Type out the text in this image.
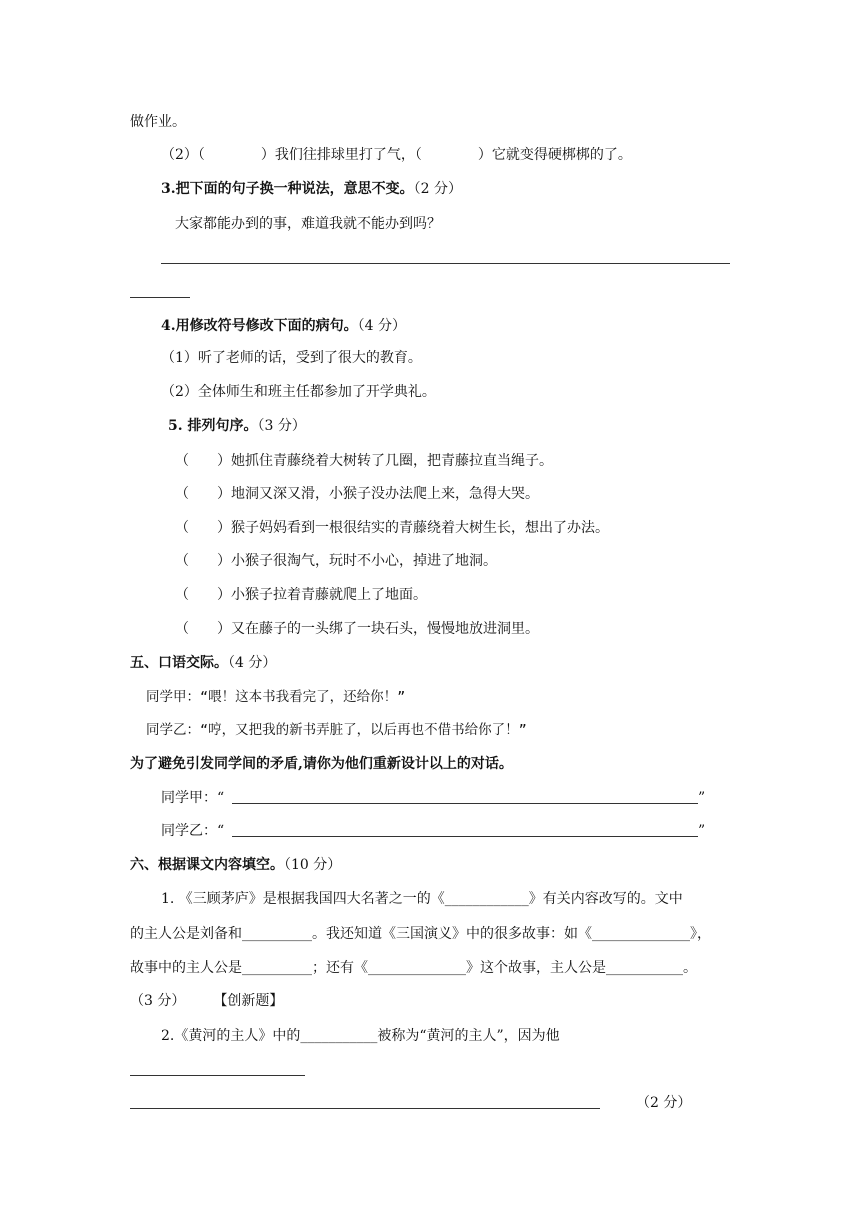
做作业。
（2）（　　　　）我们往排球里打了气，（　　　　）它就变得硬梆梆的了。
3.把下面的句子换一种说法，意思不变。（2 分）
大家都能办到的事，难道我就不能办到吗？
4.用修改符号修改下面的病句。（4 分）
（1）听了老师的话，受到了很大的教育。
（2）全体师生和班主任都参加了开学典礼。
5. 排列句序。（3 分）
（　　）她抓住青藤绕着大树转了几圈，把青藤拉直当绳子。
（　　）地洞又深又滑，小猴子没办法爬上来，急得大哭。
（　　）猴子妈妈看到一根很结实的青藤绕着大树生长，想出了办法。
（　　）小猴子很淘气，玩时不小心，掉进了地洞。
（　　）小猴子拉着青藤就爬上了地面。
（　　）又在藤子的一头绑了一块石头，慢慢地放进洞里。
五、口语交际。（4 分）
同学甲：“喂！这本书我看完了，还给你！”
同学乙：“哼，又把我的新书弄脏了，以后再也不借书给你了！”
为了避免引发同学间的矛盾,请你为他们重新设计以上的对话。
同学甲：“	”
同学乙：“	”
六、根据课文内容填空。（10 分）
1. 《三顾茅庐》是根据我国四大名著之一的《____________》有关内容改写的。文中
的主人公是刘备和__________。我还知道《三国演义》中的很多故事：如《______________》，
故事中的主人公是__________；还有《______________》这个故事，主人公是___________。
（3 分）　　　【创新题】
2.《黄河的主人》中的___________被称为“黄河的主人”，因为他
（2 分）
